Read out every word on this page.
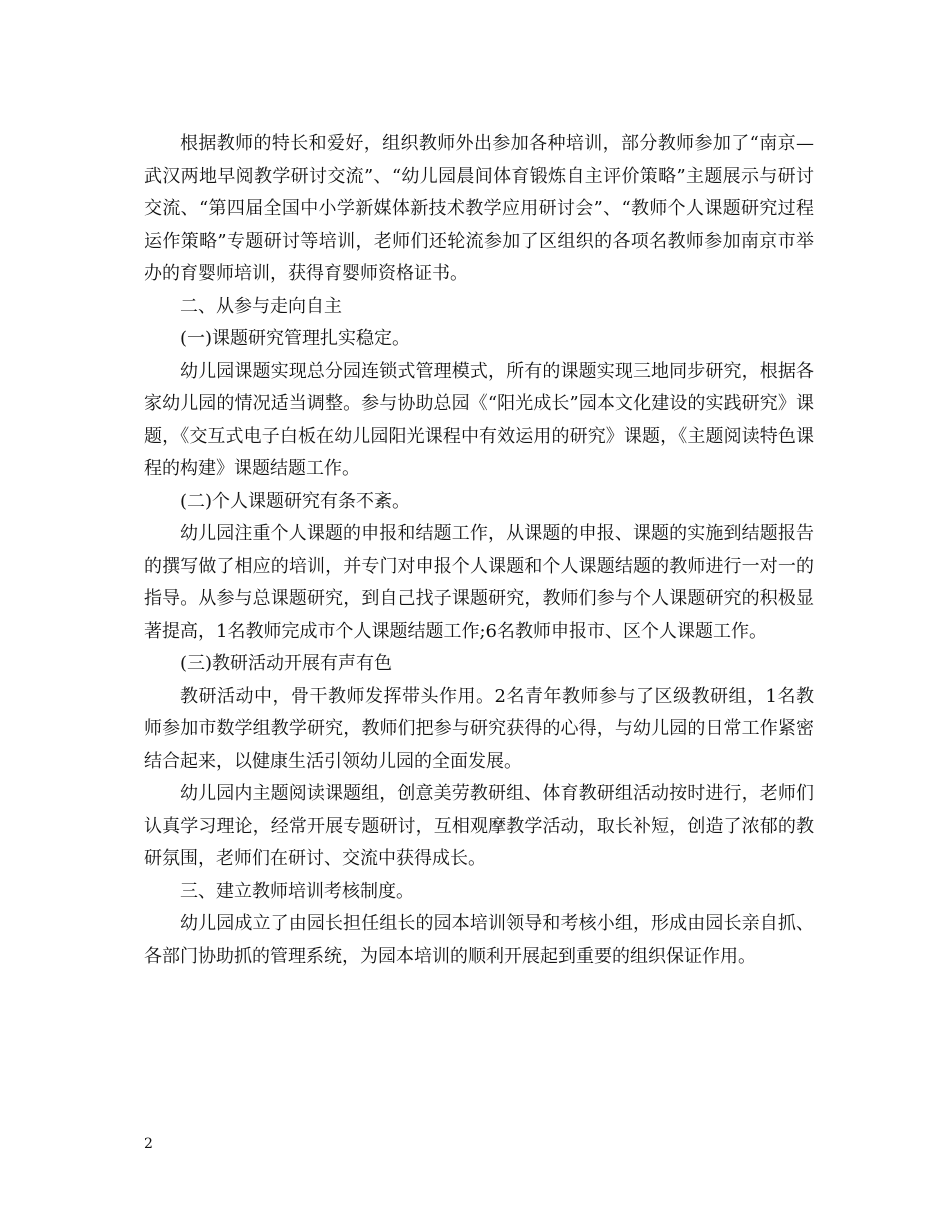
根据教师的特长和爱好，组织教师外出参加各种培训，部分教师参加了“南京—武汉两地早阅教学研讨交流”、“幼儿园晨间体育锻炼自主评价策略”主题展示与研讨交流、“第四届全国中小学新媒体新技术教学应用研讨会”、“教师个人课题研究过程运作策略”专题研讨等培训，老师们还轮流参加了区组织的各项名教师参加南京市举办的育婴师培训，获得育婴师资格证书。

二、从参与走向自主

(一)课题研究管理扎实稳定。

幼儿园课题实现总分园连锁式管理模式，所有的课题实现三地同步研究，根据各家幼儿园的情况适当调整。参与协助总园《“阳光成长”园本文化建设的实践研究》课题，《交互式电子白板在幼儿园阳光课程中有效运用的研究》课题，《主题阅读特色课程的构建》课题结题工作。

(二)个人课题研究有条不紊。

幼儿园注重个人课题的申报和结题工作，从课题的申报、课题的实施到结题报告的撰写做了相应的培训，并专门对申报个人课题和个人课题结题的教师进行一对一的指导。从参与总课题研究，到自己找子课题研究，教师们参与个人课题研究的积极显著提高，1名教师完成市个人课题结题工作;6名教师申报市、区个人课题工作。

(三)教研活动开展有声有色

教研活动中，骨干教师发挥带头作用。2名青年教师参与了区级教研组，1名教师参加市数学组教学研究，教师们把参与研究获得的心得，与幼儿园的日常工作紧密结合起来，以健康生活引领幼儿园的全面发展。

幼儿园内主题阅读课题组，创意美劳教研组、体育教研组活动按时进行，老师们认真学习理论，经常开展专题研讨，互相观摩教学活动，取长补短，创造了浓郁的教研氛围，老师们在研讨、交流中获得成长。

三、建立教师培训考核制度。

幼儿园成立了由园长担任组长的园本培训领导和考核小组，形成由园长亲自抓、各部门协助抓的管理系统，为园本培训的顺利开展起到重要的组织保证作用。

2
